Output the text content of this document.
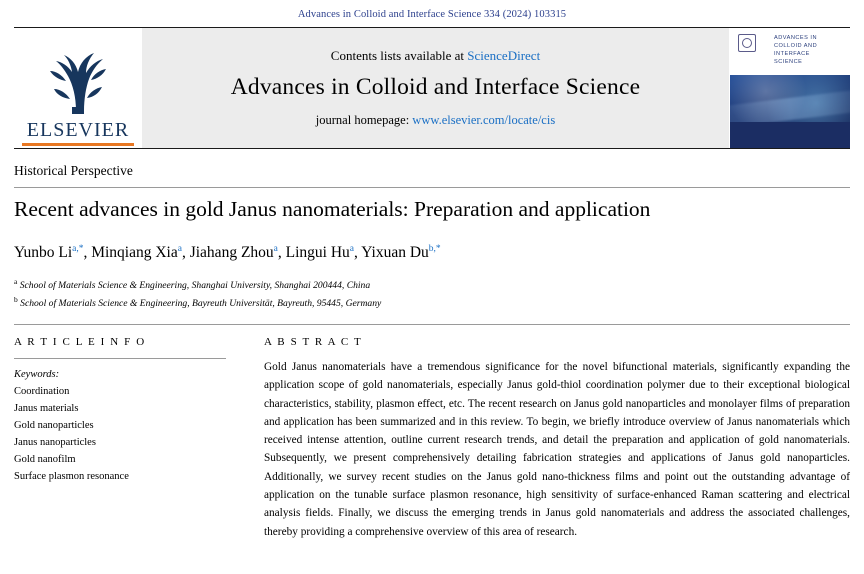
Advances in Colloid and Interface Science 334 (2024) 103315
ELSEVIER
Contents lists available at ScienceDirect
Advances in Colloid and Interface Science
journal homepage: www.elsevier.com/locate/cis
ADVANCES IN COLLOID AND INTERFACE SCIENCE
Historical Perspective
Recent advances in gold Janus nanomaterials: Preparation and application
Yunbo Li$^{a,*}$, Minqiang Xia$^a$, Jiahang Zhou$^a$, Lingui Hu$^a$, Yixuan Du$^{b,*}$
$^a$ School of Materials Science & Engineering, Shanghai University, Shanghai 200444, China
$^b$ School of Materials Science & Engineering, Bayreuth Universität, Bayreuth, 95445, Germany
A R T I C L E I N F O
Keywords:
Coordination
Janus materials
Gold nanoparticles
Janus nanoparticles
Gold nanofilm
Surface plasmon resonance
A B S T R A C T

Gold Janus nanomaterials have a tremendous significance for the novel bifunctional materials, significantly expanding the application scope of gold nanomaterials, especially Janus gold-thiol coordination polymer due to their exceptional biological characteristics, stability, plasmon effect, etc. The recent research on Janus gold nanoparticles and monolayer films of preparation and application has been summarized and in this review. To begin, we briefly introduce overview of Janus nanomaterials which received intense attention, outline current research trends, and detail the preparation and application of gold nanomaterials. Subsequently, we present comprehensively detailing fabrication strategies and applications of Janus gold nanoparticles. Additionally, we survey recent studies on the Janus gold nano-thickness films and point out the outstanding advantage of application on the tunable surface plasmon resonance, high sensitivity of surface-enhanced Raman scattering and electrical analysis fields. Finally, we discuss the emerging trends in Janus gold nanomaterials and address the associated challenges, thereby providing a comprehensive overview of this area of research.
